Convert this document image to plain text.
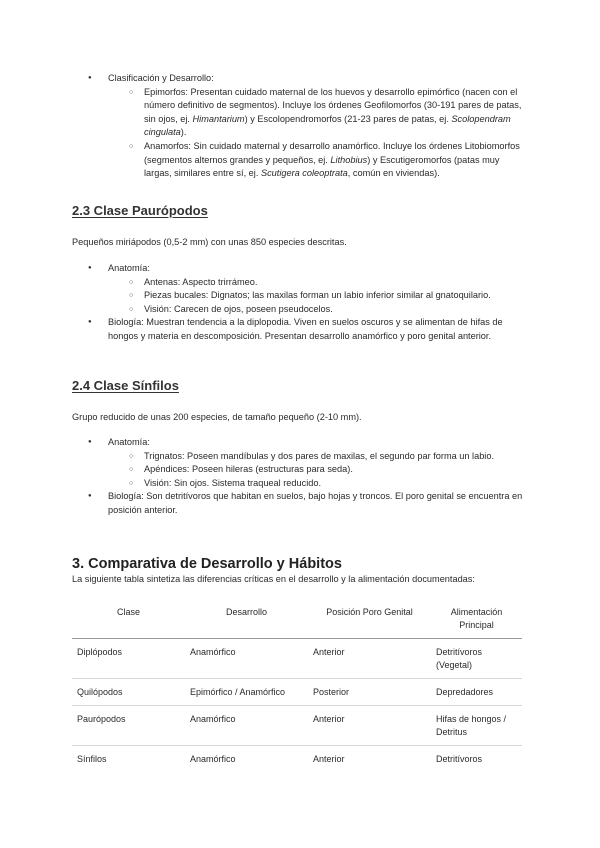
● Clasificación y Desarrollo:
○ Epimorfos: Presentan cuidado maternal de los huevos y desarrollo epimórfico (nacen con el número definitivo de segmentos). Incluye los órdenes Geofilomorfos (30-191 pares de patas, sin ojos, ej. Himantarium) y Escolopendromorfos (21-23 pares de patas, ej. Scolopendram cingulata).
○ Anamorfos: Sin cuidado maternal y desarrollo anamórfico. Incluye los órdenes Litobiomorfos (segmentos alternos grandes y pequeños, ej. Lithobius) y Escutigeromorfos (patas muy largas, similares entre sí, ej. Scutigera coleoptrata, común en viviendas).
2.3 Clase Paurópodos

Pequeños miriápodos (0,5-2 mm) con unas 850 especies descritas.

● Anatomía:
○ Antenas: Aspecto trirrámeo.
○ Piezas bucales: Dignatos; las maxilas forman un labio inferior similar al gnatoquilario.
○ Visión: Carecen de ojos, poseen pseudocelos.
● Biología: Muestran tendencia a la diplopodia. Viven en suelos oscuros y se alimentan de hifas de hongos y materia en descomposición. Presentan desarrollo anamórfico y poro genital anterior.
2.4 Clase Sínfilos

Grupo reducido de unas 200 especies, de tamaño pequeño (2-10 mm).

● Anatomía:
○ Trignatos: Poseen mandíbulas y dos pares de maxilas, el segundo par forma un labio.
○ Apéndices: Poseen hileras (estructuras para seda).
○ Visión: Sin ojos. Sistema traqueal reducido.
● Biología: Son detritívoros que habitan en suelos, bajo hojas y troncos. El poro genital se encuentra en posición anterior.
3. Comparativa de Desarrollo y Hábitos

La siguiente tabla sintetiza las diferencias críticas en el desarrollo y la alimentación documentadas:

Clase	Desarrollo	Posición Poro Genital	Alimentación Principal
Diplópodos	Anamórfico	Anterior	Detritívoros (Vegetal)
Quilópodos	Epimórfico / Anamórfico	Posterior	Depredadores
Paurópodos	Anamórfico	Anterior	Hifas de hongos / Detritus
Sínfilos	Anamórfico	Anterior	Detritívoros
